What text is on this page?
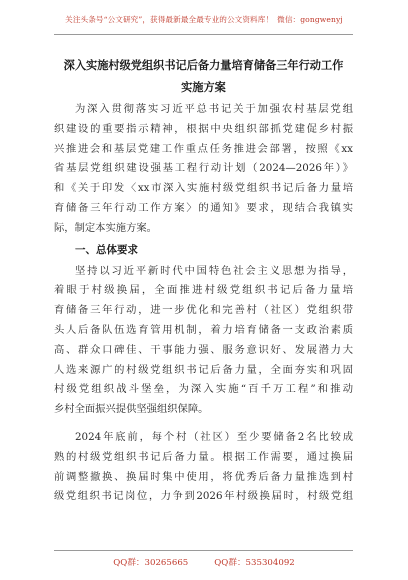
关注头条号“公文研究”，获得最新最全最专业的公文资料库！ 微信：gongwenyj
深入实施村级党组织书记后备力量培育储备三年行动工作
实施方案
为深入贯彻落实习近平总书记关于加强农村基层党组
织建设的重要指示精神，根据中央组织部抓党建促乡村振
兴推进会和基层党建工作重点任务推进会部署，按照《xx
省基层党组织建设强基工程行动计划（2024—2026年）》
和《关于印发〈xx市深入实施村级党组织书记后备力量培
育储备三年行动工作方案〉的通知》要求，现结合我镇实
际，制定本实施方案。
一、总体要求
坚持以习近平新时代中国特色社会主义思想为指导，
着眼于村级换届，全面推进村级党组织书记后备力量培
育储备三年行动，进一步优化和完善村（社区）党组织带
头人后备队伍选育管用机制，着力培育储备一支政治素质
高、群众口碑佳、干事能力强、服务意识好、发展潜力大
人选来源广的村级党组织书记后备力量，全面夯实和巩固
村级党组织战斗堡垒，为深入实施“百千万工程”和推动
乡村全面振兴提供坚强组织保障。
2024年底前，每个村（社区）至少要储备2名比较成
熟的村级党组织书记后备力量。根据工作需要，通过换届
前调整撤换、换届时集中使用，将优秀后备力量推选到村
级党组织书记岗位，力争到2026年村级换届时，村级党组
QQ群：30265665	QQ群：535304092
